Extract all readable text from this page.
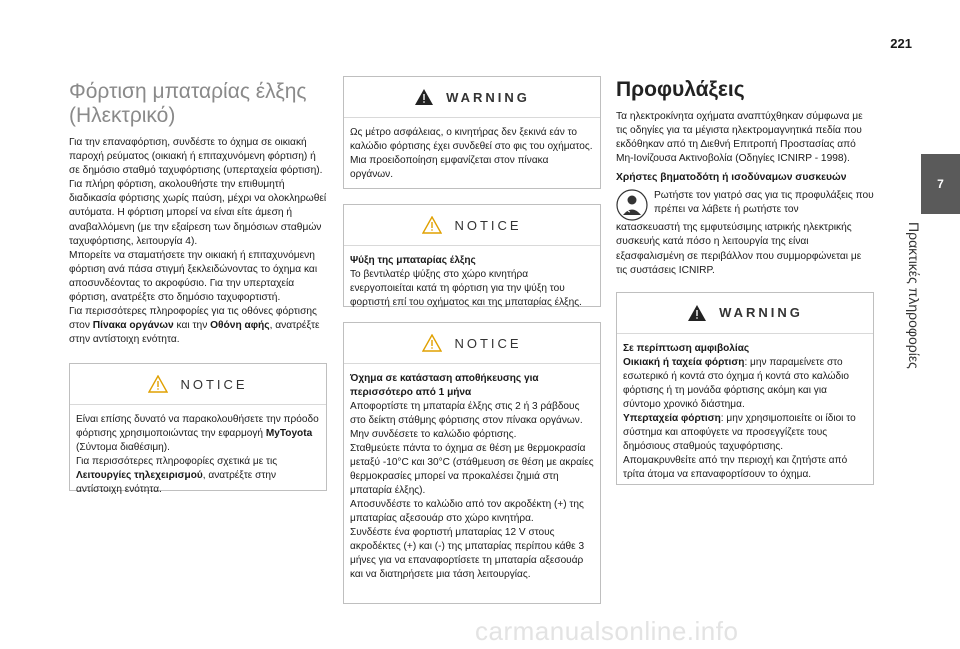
221
7
Πρακτικές πληροφορίες
Φόρτιση μπαταρίας έλξης (Ηλεκτρικό)

Για την επαναφόρτιση, συνδέστε το όχημα σε οικιακή παροχή ρεύματος (οικιακή ή επιταχυνόμενη φόρτιση) ή σε δημόσιο σταθμό ταχυφόρτισης (υπερταχεία φόρτιση).

Για πλήρη φόρτιση, ακολουθήστε την επιθυμητή διαδικασία φόρτισης χωρίς παύση, μέχρι να ολοκληρωθεί αυτόματα. Η φόρτιση μπορεί να είναι είτε άμεση ή αναβαλλόμενη (με την εξαίρεση των δημόσιων σταθμών ταχυφόρτισης, λειτουργία 4).

Μπορείτε να σταματήσετε την οικιακή ή επιταχυνόμενη φόρτιση ανά πάσα στιγμή ξεκλειδώνοντας το όχημα και αποσυνδέοντας το ακροφύσιο. Για την υπερταχεία φόρτιση, ανατρέξτε στο δημόσιο ταχυφορτιστή.

Για περισσότερες πληροφορίες για τις οθόνες φόρτισης στον Πίνακα οργάνων και την Οθόνη αφής, ανατρέξτε στην αντίστοιχη ενότητα.

NOTICE

Είναι επίσης δυνατό να παρακολουθήσετε την πρόοδο φόρτισης χρησιμοποιώντας την εφαρμογή MyToyota (Σύντομα διαθέσιμη).

Για περισσότερες πληροφορίες σχετικά με τις Λειτουργίες τηλεχειρισμού, ανατρέξτε στην αντίστοιχη ενότητα.

WARNING

Ως μέτρο ασφάλειας, ο κινητήρας δεν ξεκινά εάν το καλώδιο φόρτισης έχει συνδεθεί στο φις του οχήματος. Μια προειδοποίηση εμφανίζεται στον πίνακα οργάνων.

NOTICE
Ψύξη της μπαταρίας έλξης

Το βεντιλατέρ ψύξης στο χώρο κινητήρα ενεργοποιείται κατά τη φόρτιση για την ψύξη του φορτιστή επί του οχήματος και της μπαταρίας έλξης.

NOTICE
Όχημα σε κατάσταση αποθήκευσης για περισσότερο από 1 μήνα

Αποφορτίστε τη μπαταρία έλξης στις 2 ή 3 ράβδους στο δείκτη στάθμης φόρτισης στον πίνακα οργάνων.

Μην συνδέσετε το καλώδιο φόρτισης.

Σταθμεύετε πάντα το όχημα σε θέση με θερμοκρασία μεταξύ -10°C και 30°C (στάθμευση σε θέση με ακραίες θερμοκρασίες μπορεί να προκαλέσει ζημιά στη μπαταρία έλξης).

Αποσυνδέστε το καλώδιο από τον ακροδέκτη (+) της μπαταρίας αξεσουάρ στο χώρο κινητήρα.

Συνδέστε ένα φορτιστή μπαταρίας 12 V στους ακροδέκτες (+) και (-) της μπαταρίας περίπου κάθε 3 μήνες για να επαναφορτίσετε τη μπαταρία αξεσουάρ και να διατηρήσετε μια τάση λειτουργίας.

Προφυλάξεις

Τα ηλεκτροκίνητα οχήματα αναπτύχθηκαν σύμφωνα με τις οδηγίες για τα μέγιστα ηλεκτρομαγνητικά πεδία που εκδόθηκαν από τη Διεθνή Επιτροπή Προστασίας από Μη-Ιονίζουσα Ακτινοβολία (Οδηγίες ICNIRP - 1998).

Χρήστες βηματοδότη ή ισοδύναμων συσκευών

Ρωτήστε τον γιατρό σας για τις προφυλάξεις που πρέπει να λάβετε ή ρωτήστε τον

κατασκευαστή της εμφυτεύσιμης ιατρικής ηλεκτρικής συσκευής κατά πόσο η λειτουργία της είναι εξασφαλισμένη σε περιβάλλον που συμμορφώνεται με τις συστάσεις ICNIRP.

WARNING
Σε περίπτωση αμφιβολίας

Οικιακή ή ταχεία φόρτιση: μην παραμείνετε στο εσωτερικό ή κοντά στο όχημα ή κοντά στο καλώδιο φόρτισης ή τη μονάδα φόρτισης ακόμη και για σύντομο χρονικό διάστημα.

Υπερταχεία φόρτιση: μην χρησιμοποιείτε οι ίδιοι το σύστημα και αποφύγετε να προσεγγίζετε τους δημόσιους σταθμούς ταχυφόρτισης.

Απομακρυνθείτε από την περιοχή και ζητήστε από τρίτα άτομα να επαναφορτίσουν το όχημα.

carmanualsonline.info
